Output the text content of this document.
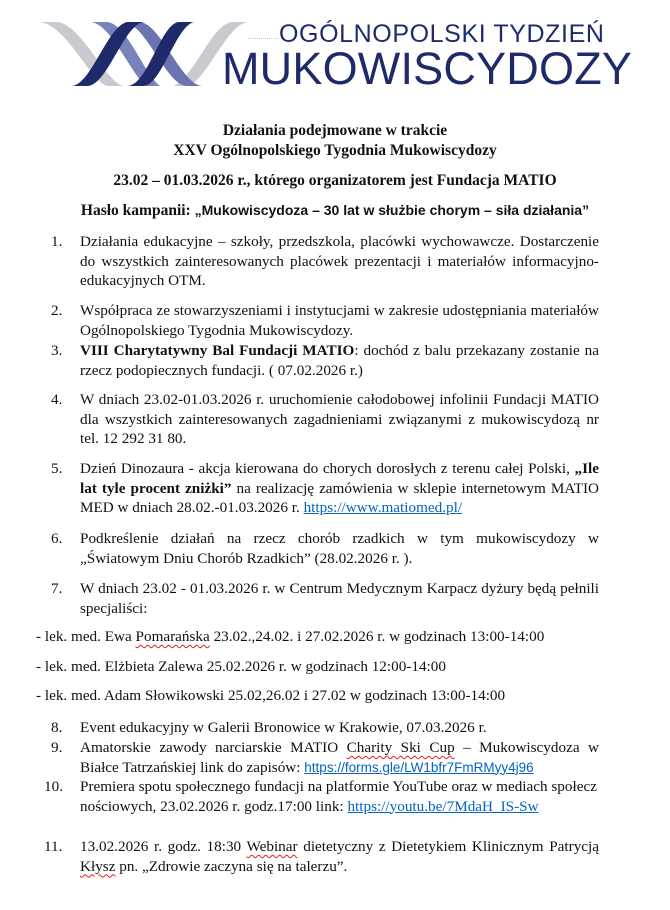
OGÓLNOPOLSKI TYDZIEŃ
MUKOWISCYDOZY
Działania podejmowane w trakcie
XXV Ogólnopolskiego Tygodnia Mukowiscydozy
23.02 – 01.03.2026 r., którego organizatorem jest Fundacja MATIO
Hasło kampanii: „Mukowiscydoza – 30 lat w służbie chorym – siła działania”
1.	Działania edukacyjne – szkoły, przedszkola, placówki wychowawcze. Dostarczenie do wszystkich zainteresowanych placówek prezentacji i materiałów informacyjno-edukacyjnych OTM.
2.	Współpraca ze stowarzyszeniami i instytucjami w zakresie udostępniania materiałów Ogólnopolskiego Tygodnia Mukowiscydozy.
3.	VIII Charytatywny Bal Fundacji MATIO: dochód z balu przekazany zostanie na rzecz podopiecznych fundacji. ( 07.02.2026 r.)
4.	W dniach 23.02-01.03.2026 r. uruchomienie całodobowej infolinii Fundacji MATIO dla wszystkich zainteresowanych zagadnieniami związanymi z mukowiscydozą nr tel. 12 292 31 80.
5.	Dzień Dinozaura - akcja kierowana do chorych dorosłych z terenu całej Polski, „Ile lat tyle procent zniżki” na realizację zamówienia w sklepie internetowym MATIO MED w dniach 28.02.-01.03.2026 r. https://www.matiomed.pl/
6.	Podkreślenie działań na rzecz chorób rzadkich w tym mukowiscydozy w „Światowym Dniu Chorób Rzadkich” (28.02.2026 r. ).
7.	W dniach 23.02 - 01.03.2026 r. w Centrum Medycznym Karpacz dyżury będą pełnili specjaliści:
8.	Event edukacyjny w Galerii Bronowice w Krakowie, 07.03.2026 r.
9.	Amatorskie zawody narciarskie MATIO Charity Ski Cup – Mukowiscydoza w Białce Tatrzańskiej link do zapisów: https://forms.gle/LW1bfr7FmRMyy4j96
10.	Premiera spotu społecznego fundacji na platformie YouTube oraz w mediach społecznościowych, 23.02.2026 r. godz.17:00 link: https://youtu.be/7MdaH_IS-Sw
11.	13.02.2026 r. godz. 18:30 Webinar dietetyczny z Dietetykiem Klinicznym Patrycją Kłysz pn. „Zdrowie zaczyna się na talerzu”.
- lek. med. Ewa Pomarańska 23.02.,24.02. i 27.02.2026 r. w godzinach 13:00-14:00
- lek. med. Elżbieta Zalewa 25.02.2026 r. w godzinach 12:00-14:00
- lek. med. Adam Słowikowski 25.02,26.02 i 27.02 w godzinach 13:00-14:00
